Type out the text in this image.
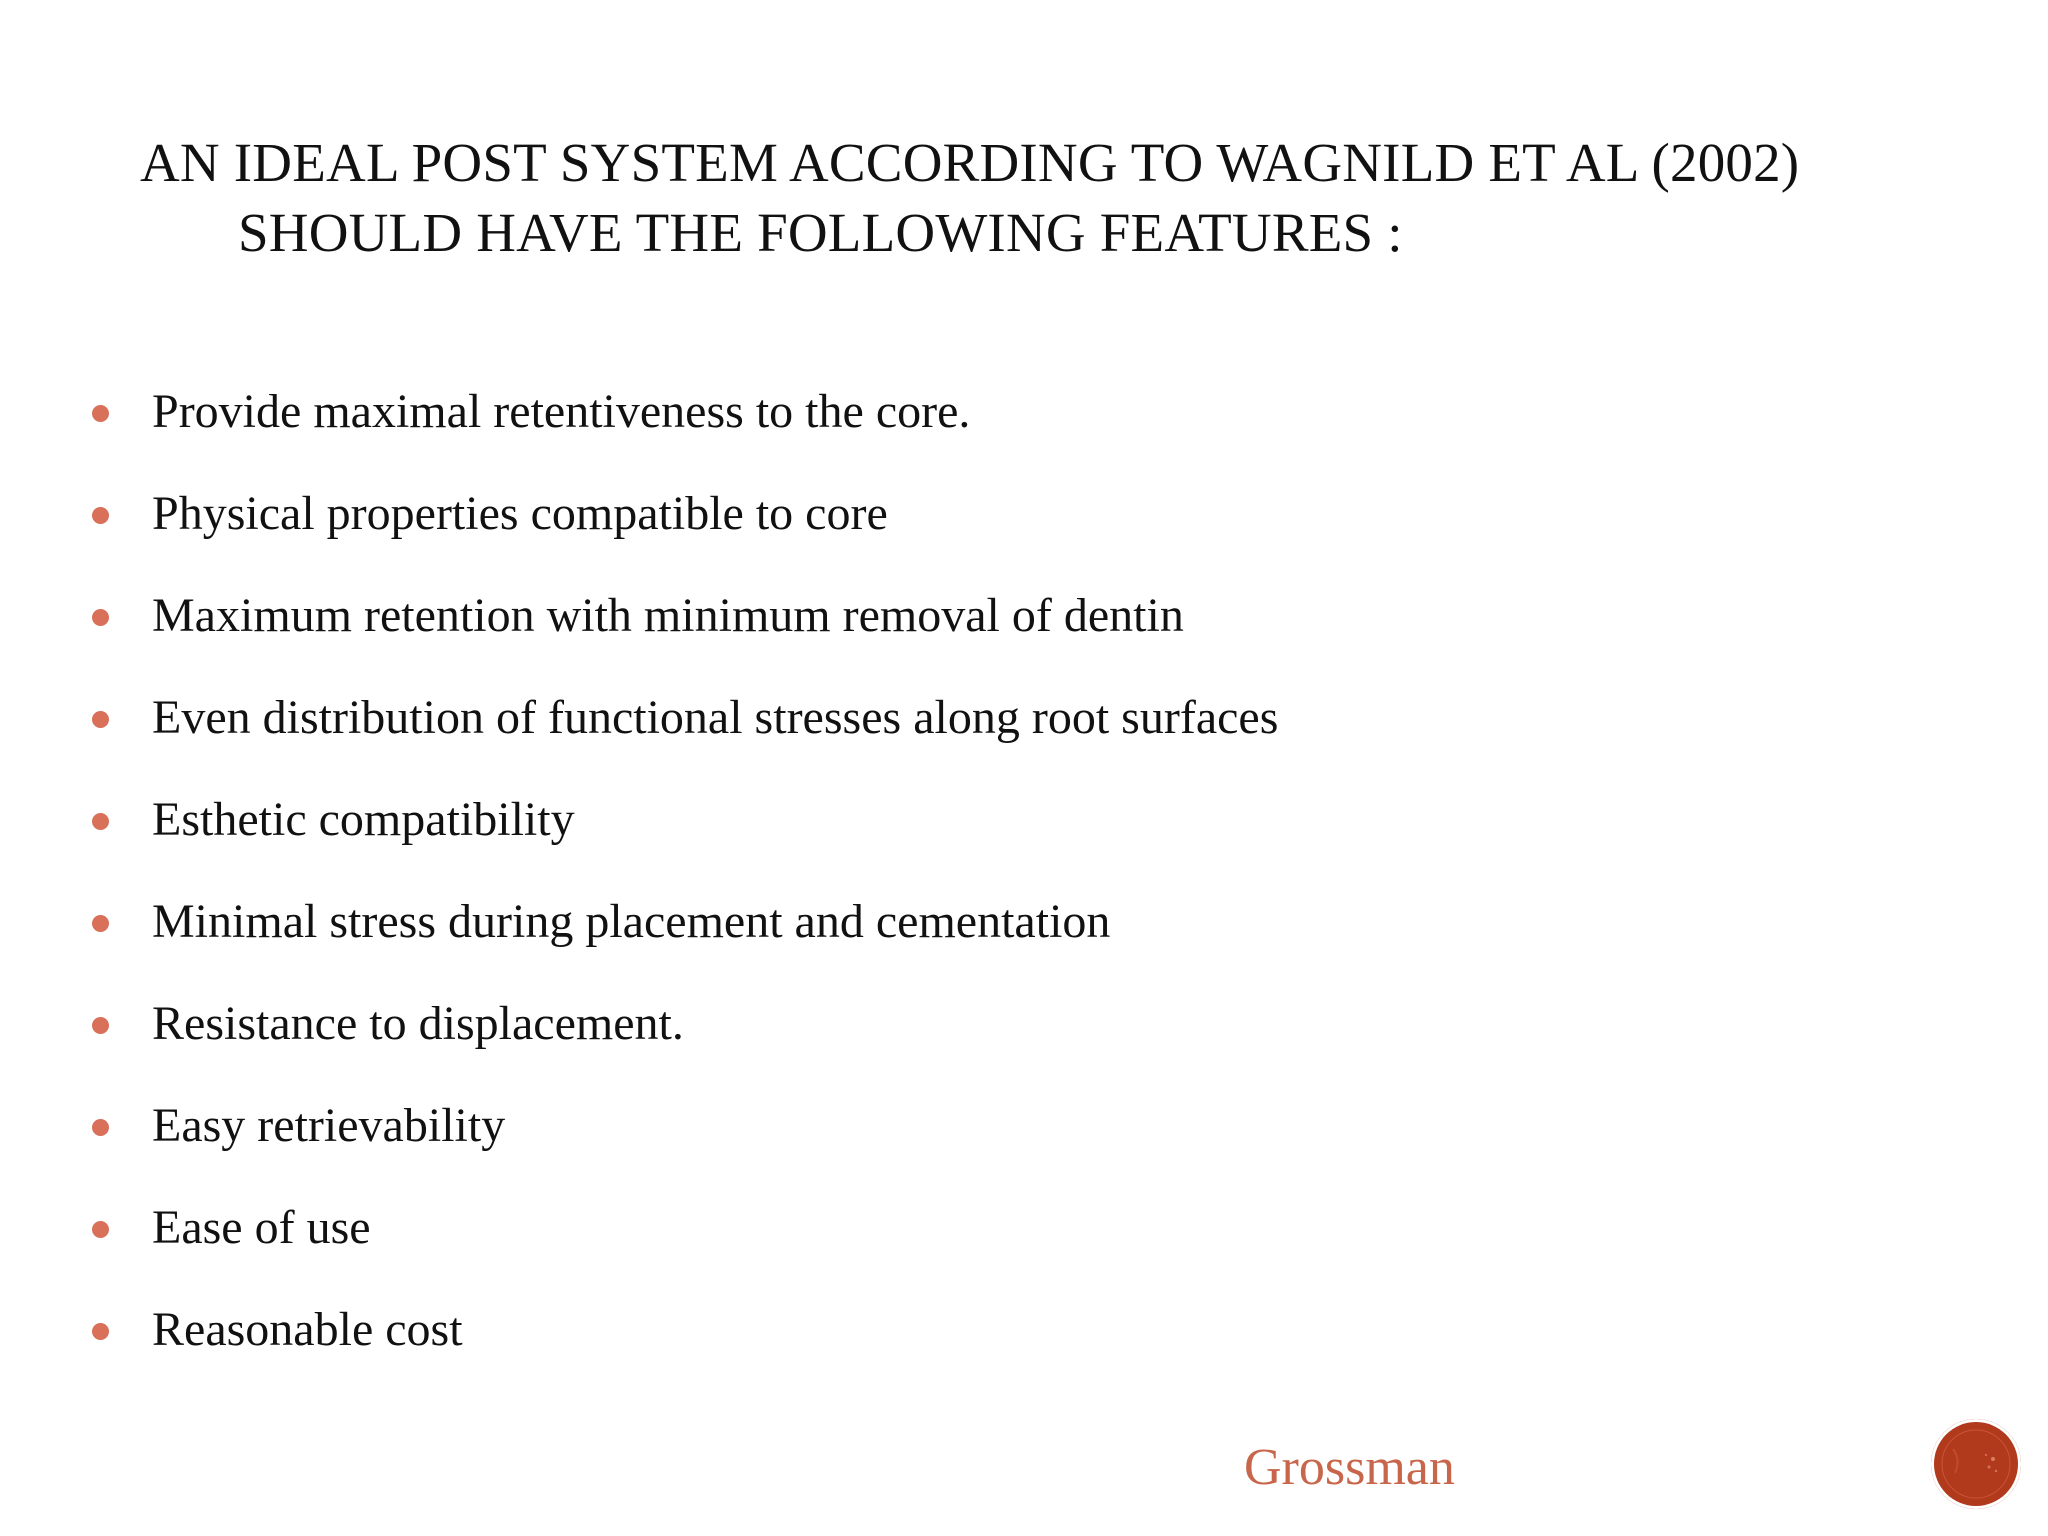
AN IDEAL POST SYSTEM ACCORDING TO WAGNILD ET AL (2002)
SHOULD HAVE THE FOLLOWING FEATURES :
Provide maximal retentiveness to the core.
Physical properties compatible to core
Maximum retention with minimum removal of dentin
Even distribution of functional stresses along root surfaces
Esthetic compatibility
Minimal stress during placement and cementation
Resistance to displacement.
Easy retrievability
Ease of use
Reasonable cost
Grossman
